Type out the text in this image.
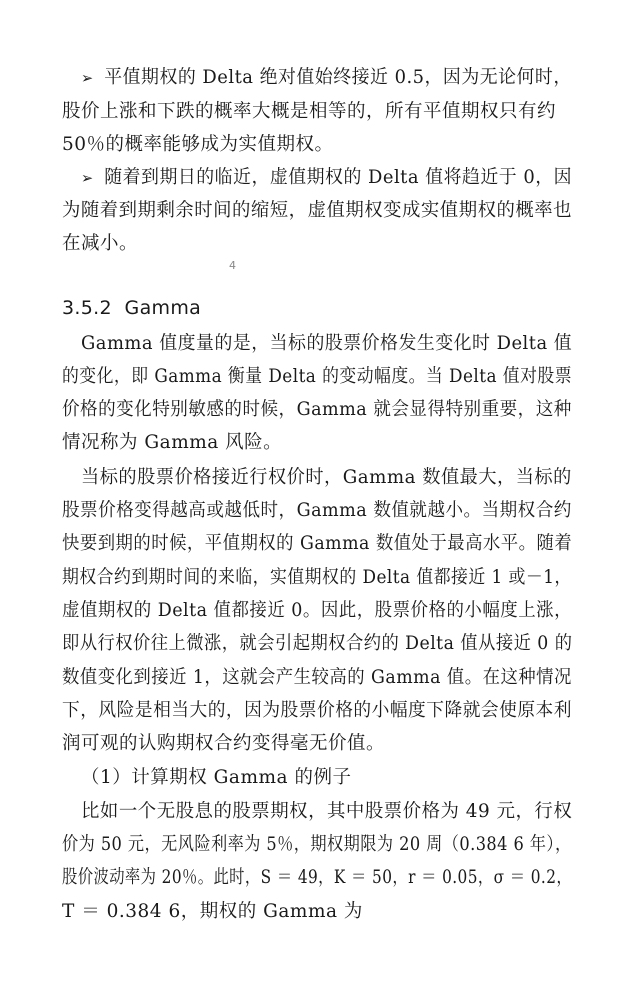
➢ 平值期权的 Delta 绝对值始终接近 0.5，因为无论何时，
股价上涨和下跌的概率大概是相等的，所有平值期权只有约
50％的概率能够成为实值期权。
➢ 随着到期日的临近，虚值期权的 Delta 值将趋近于 0，因
为随着到期剩余时间的缩短，虚值期权变成实值期权的概率也
在减小。
4
3.5.2 Gamma
Gamma 值度量的是，当标的股票价格发生变化时 Delta 值
的变化，即 Gamma 衡量 Delta 的变动幅度。当 Delta 值对股票
价格的变化特别敏感的时候，Gamma 就会显得特别重要，这种
情况称为 Gamma 风险。
当标的股票价格接近行权价时，Gamma 数值最大，当标的
股票价格变得越高或越低时，Gamma 数值就越小。当期权合约
快要到期的时候，平值期权的 Gamma 数值处于最高水平。随着
期权合约到期时间的来临，实值期权的 Delta 值都接近 1 或－1，
虚值期权的 Delta 值都接近 0。因此，股票价格的小幅度上涨，
即从行权价往上微涨，就会引起期权合约的 Delta 值从接近 0 的
数值变化到接近 1，这就会产生较高的 Gamma 值。在这种情况
下，风险是相当大的，因为股票价格的小幅度下降就会使原本利
润可观的认购期权合约变得毫无价值。
（1）计算期权 Gamma 的例子
比如一个无股息的股票期权，其中股票价格为 49 元，行权
价为 50 元，无风险利率为 5％，期权期限为 20 周（0.384 6 年），
股价波动率为 20％。此时，S ＝ 49，K ＝ 50，r ＝ 0.05，σ ＝ 0.2，
T ＝ 0.384 6，期权的 Gamma 为
